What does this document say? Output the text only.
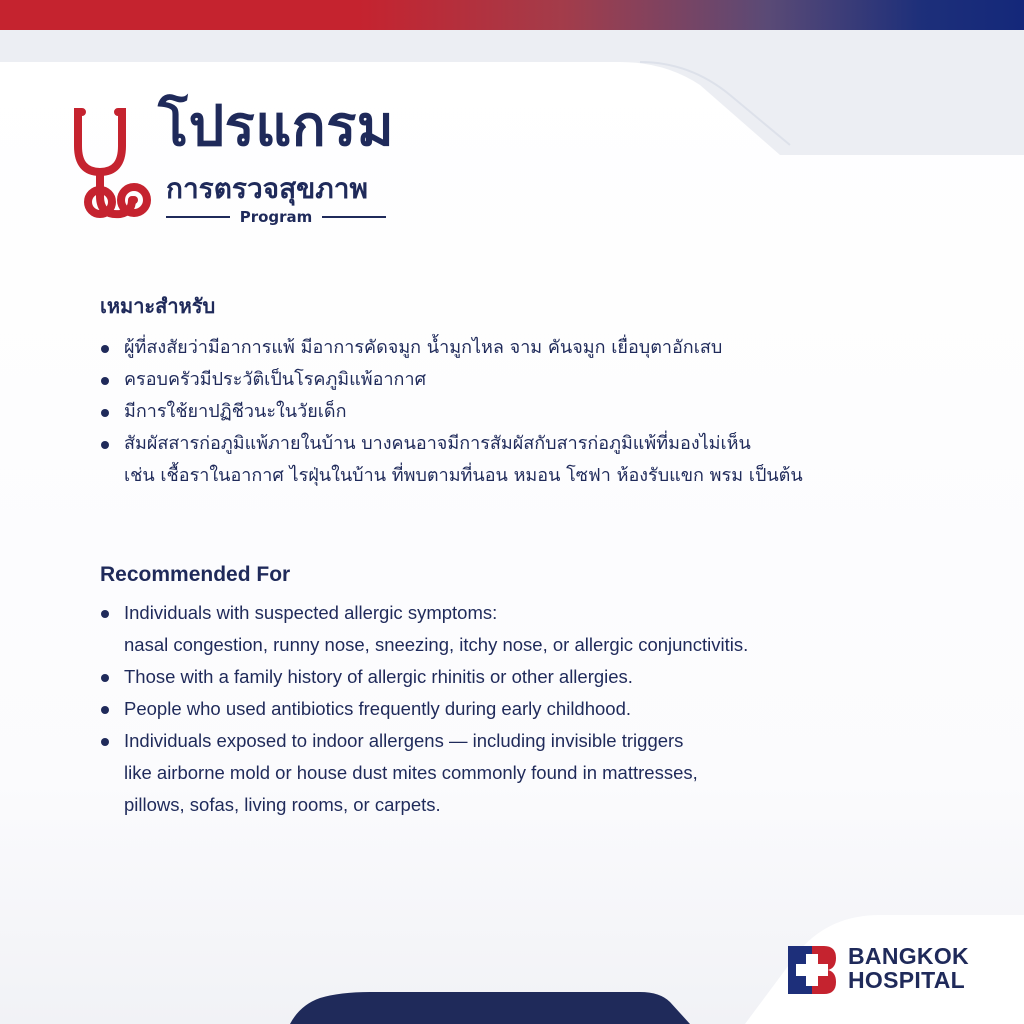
โปรแกรม
การตรวจสุขภาพ
Program
เหมาะสำหรับ
ผู้ที่สงสัยว่ามีอาการแพ้ มีอาการคัดจมูก น้ำมูกไหล จาม คันจมูก เยื่อบุตาอักเสบ
ครอบครัวมีประวัติเป็นโรคภูมิแพ้อากาศ
มีการใช้ยาปฏิชีวนะในวัยเด็ก
สัมผัสสารก่อภูมิแพ้ภายในบ้าน บางคนอาจมีการสัมผัสกับสารก่อภูมิแพ้ที่มองไม่เห็น
เช่น เชื้อราในอากาศ ไรฝุ่นในบ้าน ที่พบตามที่นอน หมอน โซฟา ห้องรับแขก พรม เป็นต้น
Recommended For
Individuals with suspected allergic symptoms:
nasal congestion, runny nose, sneezing, itchy nose, or allergic conjunctivitis.
Those with a family history of allergic rhinitis or other allergies.
People who used antibiotics frequently during early childhood.
Individuals exposed to indoor allergens — including invisible triggers
like airborne mold or house dust mites commonly found in mattresses,
pillows, sofas, living rooms, or carpets.
BANGKOK
HOSPITAL
